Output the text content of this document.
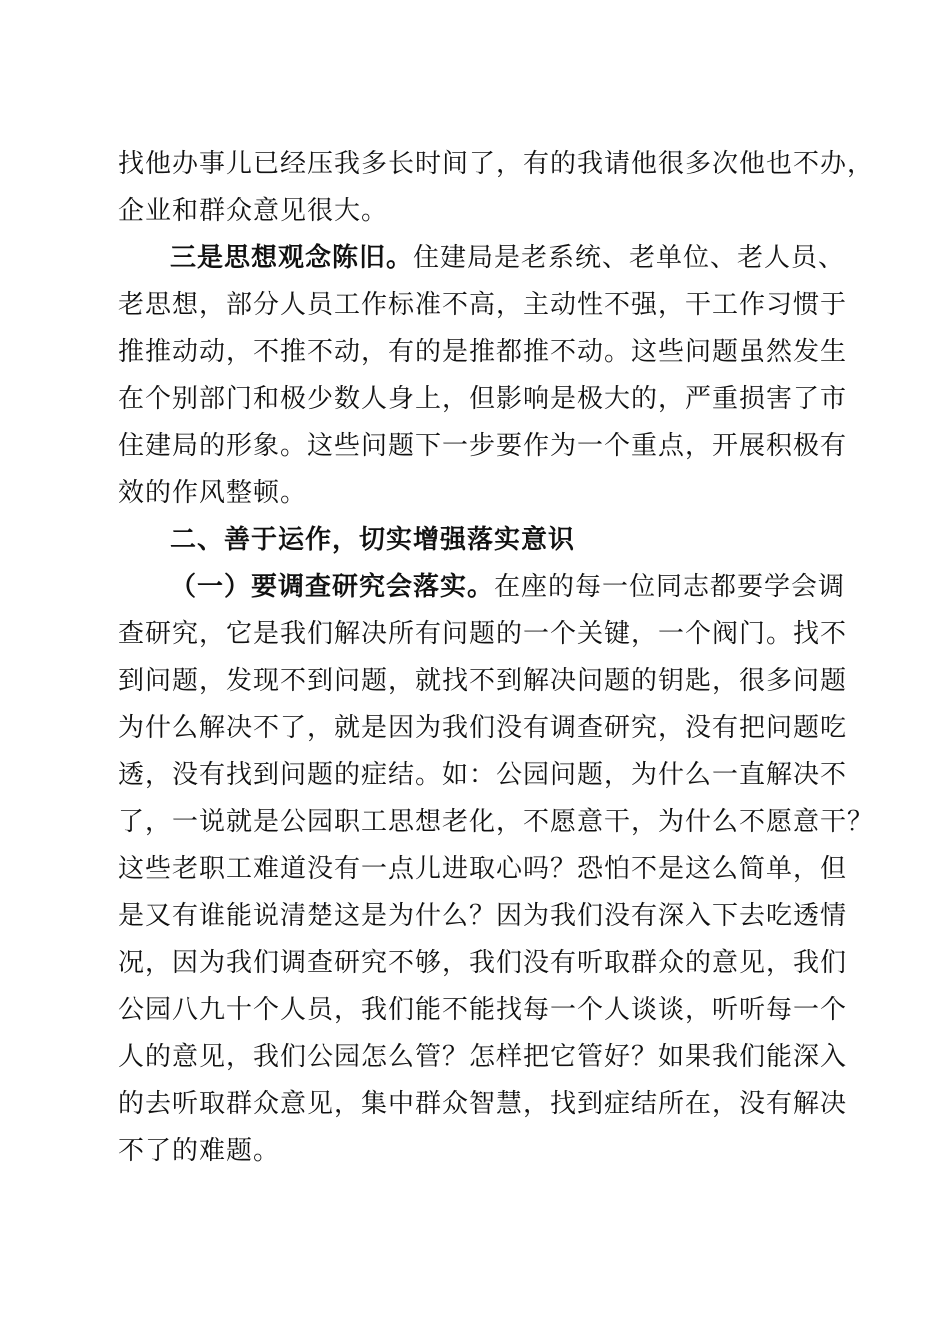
找他办事儿已经压我多长时间了，有的我请他很多次他也不办，
企业和群众意见很大。
三是思想观念陈旧。住建局是老系统、老单位、老人员、
老思想，部分人员工作标准不高，主动性不强，干工作习惯于
推推动动，不推不动，有的是推都推不动。这些问题虽然发生
在个别部门和极少数人身上，但影响是极大的，严重损害了市
住建局的形象。这些问题下一步要作为一个重点，开展积极有
效的作风整顿。
二、善于运作，切实增强落实意识
（一）要调查研究会落实。在座的每一位同志都要学会调
查研究，它是我们解决所有问题的一个关键，一个阀门。找不
到问题，发现不到问题，就找不到解决问题的钥匙，很多问题
为什么解决不了，就是因为我们没有调查研究，没有把问题吃
透，没有找到问题的症结。如：公园问题，为什么一直解决不
了，一说就是公园职工思想老化，不愿意干，为什么不愿意干？
这些老职工难道没有一点儿进取心吗？恐怕不是这么简单，但
是又有谁能说清楚这是为什么？因为我们没有深入下去吃透情
况，因为我们调查研究不够，我们没有听取群众的意见，我们
公园八九十个人员，我们能不能找每一个人谈谈，听听每一个
人的意见，我们公园怎么管？怎样把它管好？如果我们能深入
的去听取群众意见，集中群众智慧，找到症结所在，没有解决
不了的难题。
